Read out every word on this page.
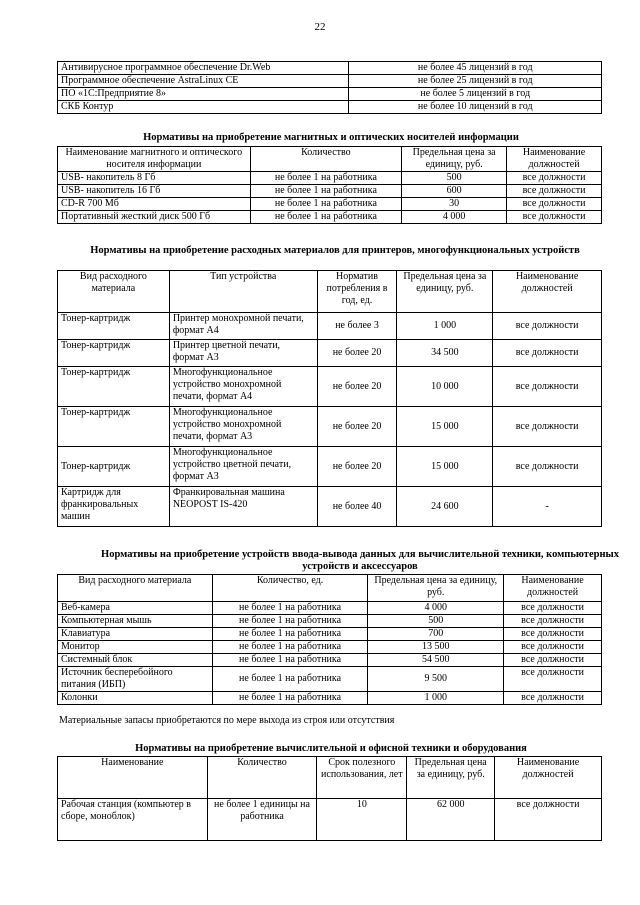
22
Антивирусное программное обеспечение Dr.Web	не более 45 лицензий в год
Программное обеспечение AstraLinux CE	не более 25 лицензий в год
ПО «1С:Предприятие 8»	не более 5 лицензий в год
СКБ Контур	не более 10 лицензий в год
Нормативы на приобретение магнитных и оптических носителей информации
Наименование магнитного и оптического носителя информации	Количество	Предельная цена за единицу, руб.	Наименование должностей
USB- накопитель 8 Гб	не более 1 на работника	500	все должности
USB- накопитель 16 Гб	не более 1 на работника	600	все должности
CD-R 700 Мб	не более 1 на работника	30	все должности
Портативный жесткий диск 500 Гб	не более 1 на работника	4 000	все должности
Нормативы на приобретение расходных материалов для принтеров, многофункциональных устройств
Вид расходного материала	Тип устройства	Норматив потребления в год, ед.	Предельная цена за единицу, руб.	Наименование должностей
Тонер-картридж	Принтер монохромной печати, формат А4	не более 3	1 000	все должности
Тонер-картридж	Принтер цветной печати, формат А3	не более 20	34 500	все должности
Тонер-картридж	Многофункциональное устройство монохромной печати, формат А4	не более 20	10 000	все должности
Тонер-картридж	Многофункциональное устройство монохромной печати, формат А3	не более 20	15 000	все должности
Тонер-картридж	Многофункциональное устройство цветной печати, формат А3	не более 20	15 000	все должности
Картридж для франкировальных машин	Франкировальная машина NEOPOST IS-420	не более 40	24 600	-
Нормативы на приобретение устройств ввода-вывода данных для вычислительной техники, компьютерных устройств и аксессуаров
Вид расходного материала	Количество, ед.	Предельная цена за единицу, руб.	Наименование должностей
Веб-камера	не более 1 на работника	4 000	все должности
Компьютерная мышь	не более 1 на работника	500	все должности
Клавиатура	не более 1 на работника	700	все должности
Монитор	не более 1 на работника	13 500	все должности
Системный блок	не более 1 на работника	54 500	все должности
Источник бесперебойного питания (ИБП)	не более 1 на работника	9 500	все должности
Колонки	не более 1 на работника	1 000	все должности
Материальные запасы приобретаются по мере выхода из строя или отсутствия
Нормативы на приобретение вычислительной и офисной техники и оборудования
Наименование	Количество	Срок полезного использования, лет	Предельная цена за единицу, руб.	Наименование должностей
Рабочая станция (компьютер в сборе, моноблок)	не более 1 единицы на работника	10	62 000	все должности
